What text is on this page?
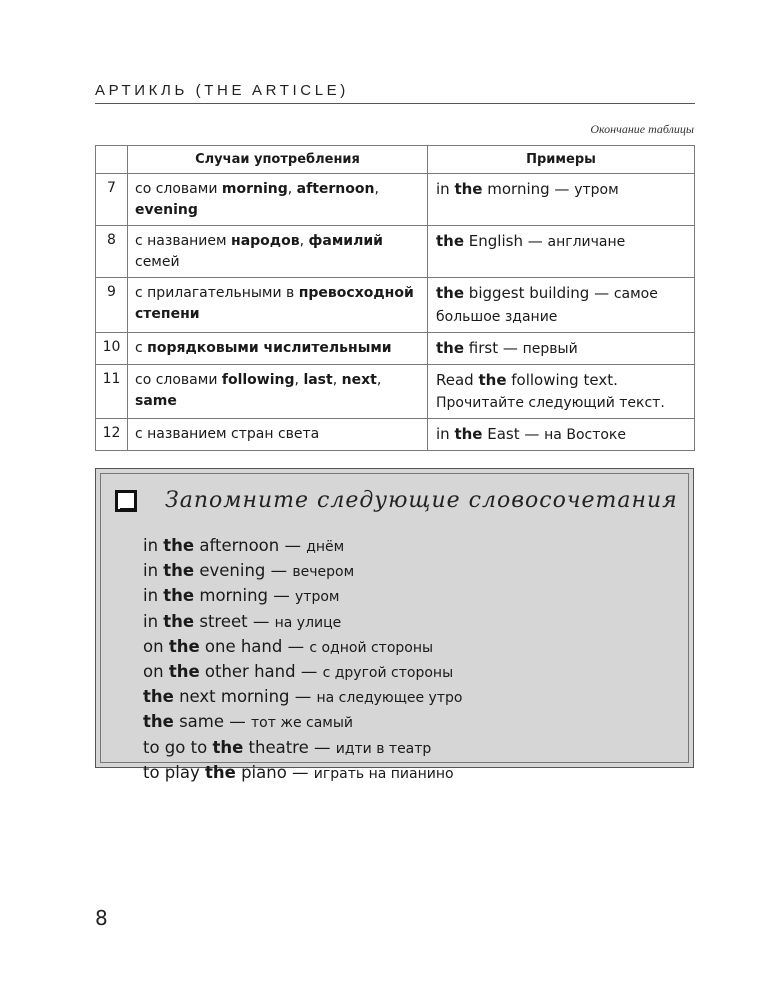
АРТИКЛЬ (THE ARTICLE)
Окончание таблицы
	Случаи употребления	Примеры
7	со словами morning, afternoon, evening	in the morning — утром
8	с названием народов, фамилий семей	the English — англичане
9	с прилагательными в превосходной степени	the biggest building — самое большое здание
10	с порядковыми числительными	the first — первый
11	со словами following, last, next, same	Read the following text.
Прочитайте следующий текст.
12	с названием стран света	in the East — на Востоке
Запомните следующие словосочетания
in the afternoon — днём
in the evening — вечером
in the morning — утром
in the street — на улице
on the one hand — с одной стороны
on the other hand — с другой стороны
the next morning — на следующее утро
the same — тот же самый
to go to the theatre — идти в театр
to play the piano — играть на пианино
8
